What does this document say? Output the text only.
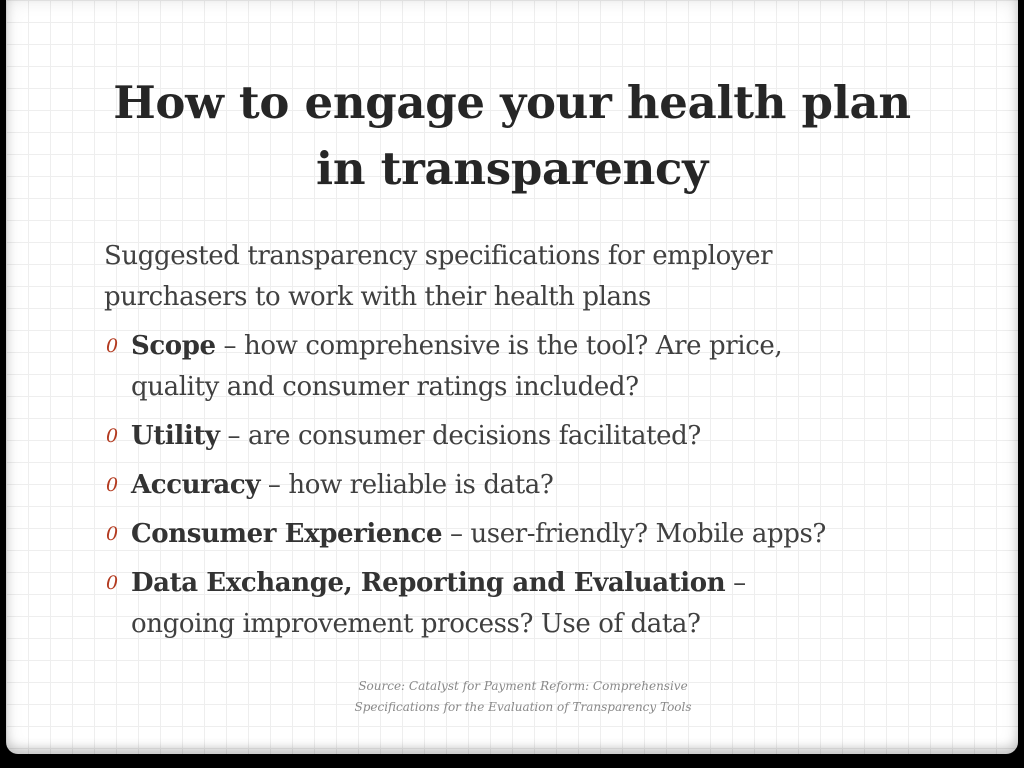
How to engage your health plan
in transparency
Suggested transparency specifications for employer
purchasers to work with their health plans
0 Scope – how comprehensive is the tool? Are price,
quality and consumer ratings included?
0 Utility – are consumer decisions facilitated?
0 Accuracy – how reliable is data?
0 Consumer Experience – user-friendly? Mobile apps?
0 Data Exchange, Reporting and Evaluation –
ongoing improvement process? Use of data?
Source: Catalyst for Payment Reform: Comprehensive
Specifications for the Evaluation of Transparency Tools
